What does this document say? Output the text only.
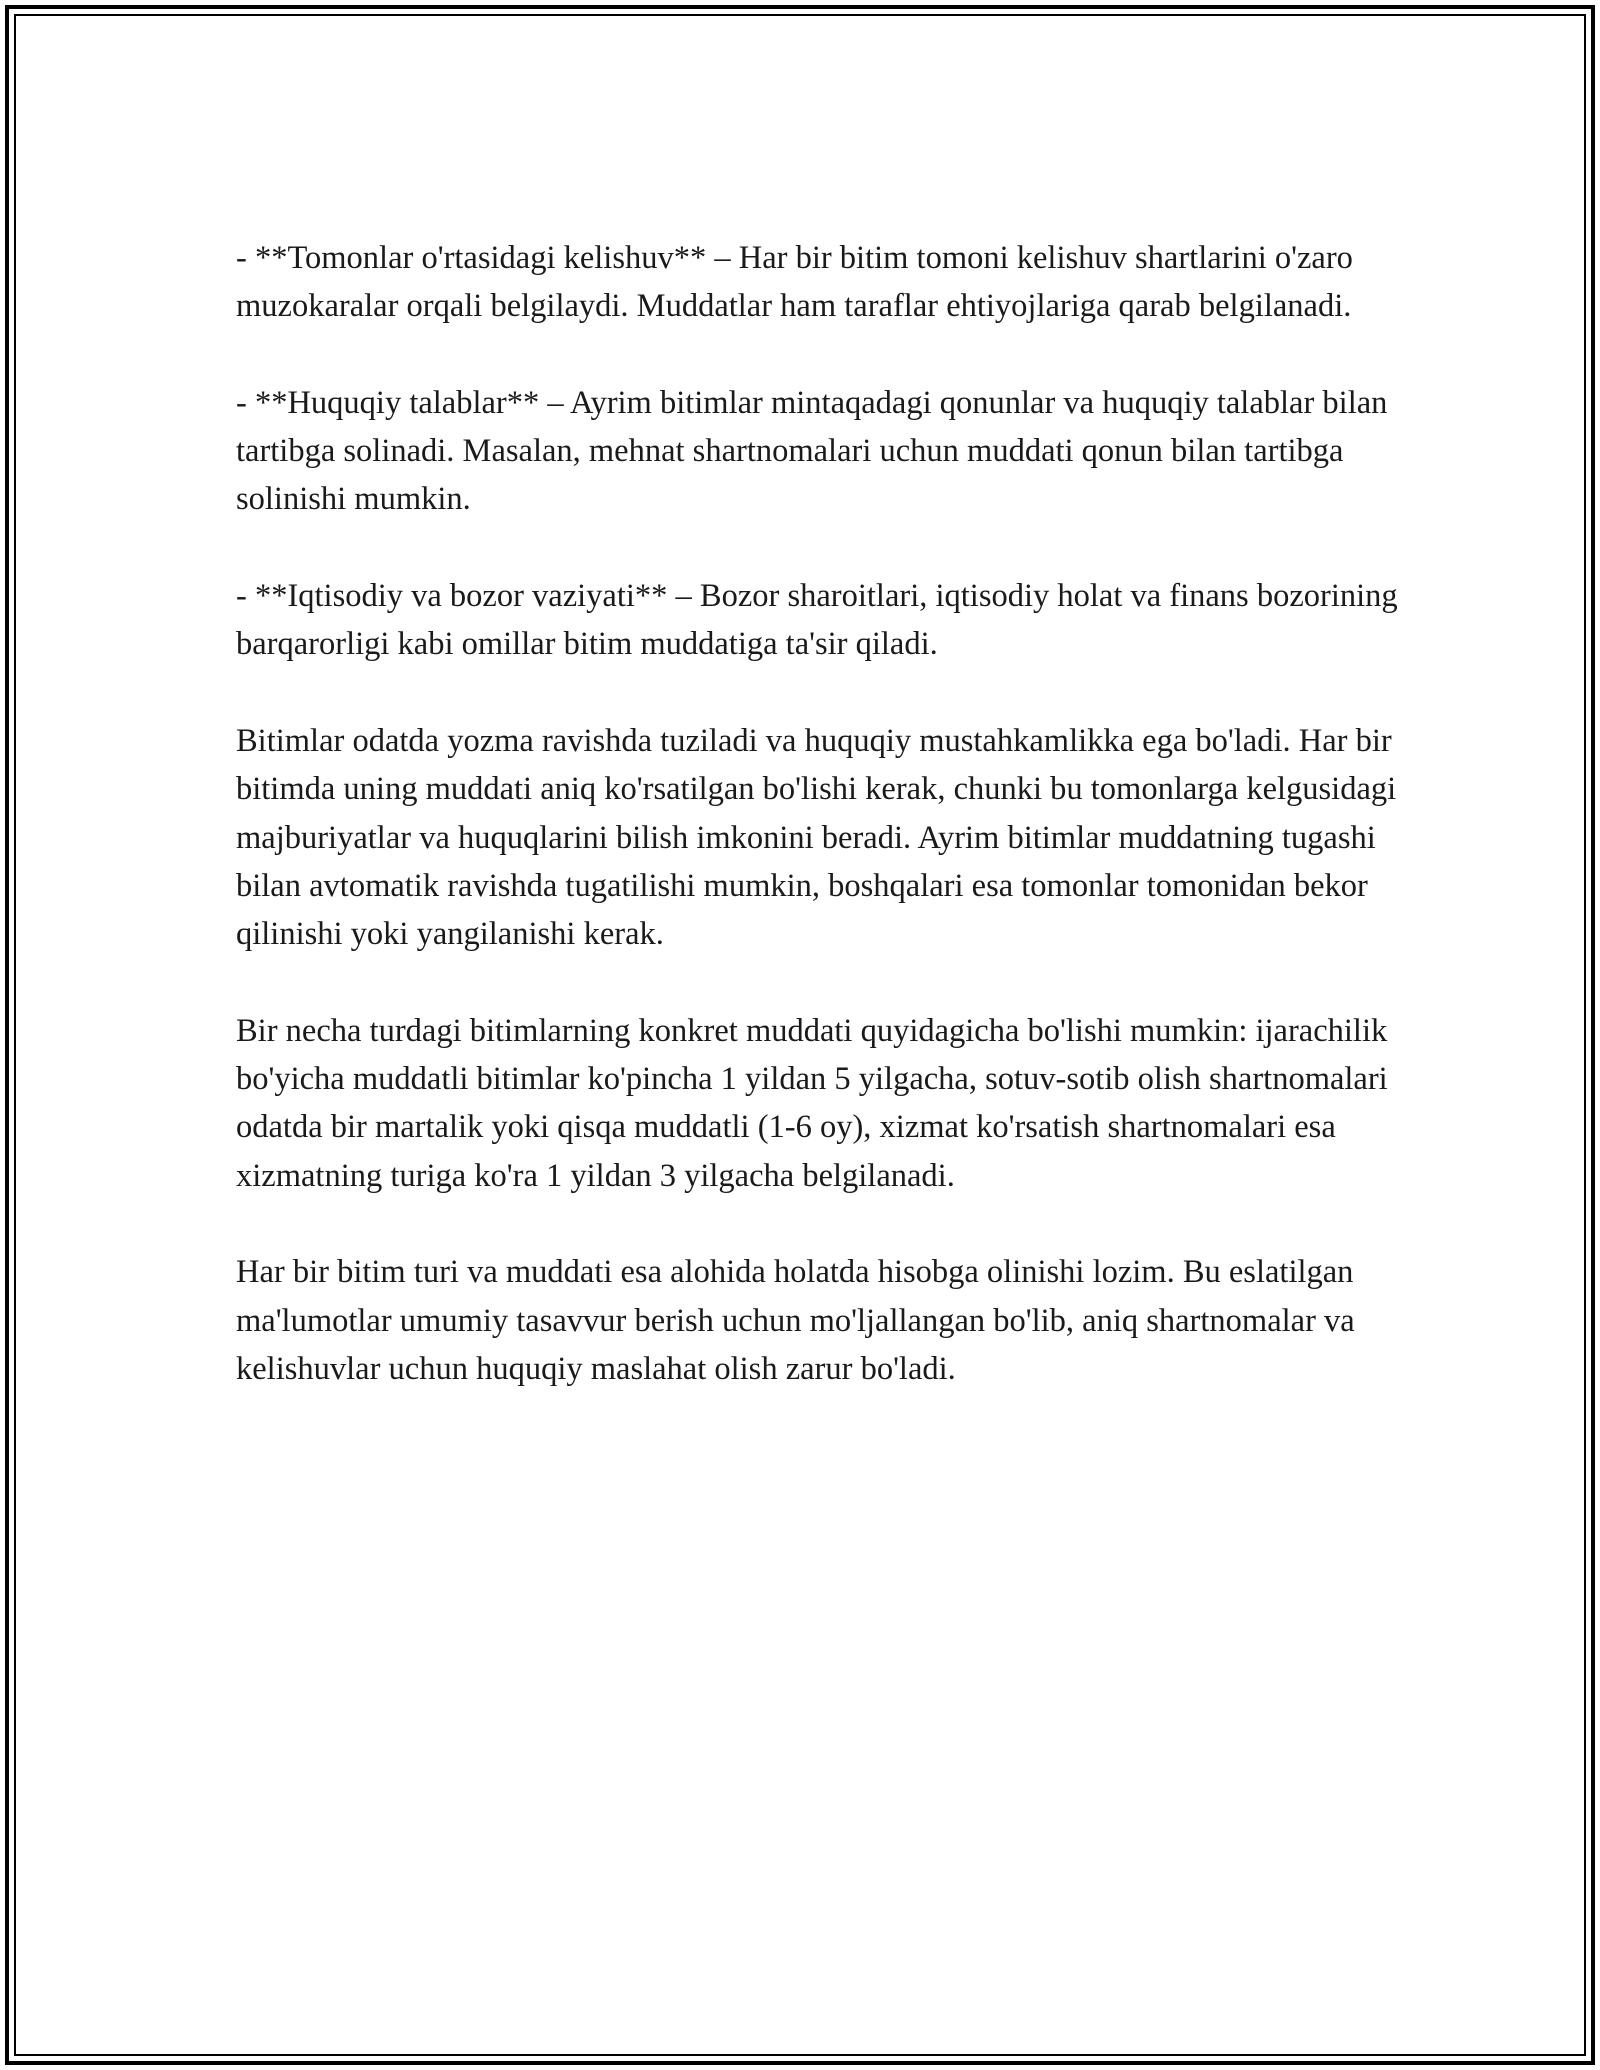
- **Tomonlar o'rtasidagi kelishuv** – Har bir bitim tomoni kelishuv shartlarini o'zaro muzokaralar orqali belgilaydi. Muddatlar ham taraflar ehtiyojlariga qarab belgilanadi.

- **Huquqiy talablar** – Ayrim bitimlar mintaqadagi qonunlar va huquqiy talablar bilan tartibga solinadi. Masalan, mehnat shartnomalari uchun muddati qonun bilan tartibga solinishi mumkin.

- **Iqtisodiy va bozor vaziyati** – Bozor sharoitlari, iqtisodiy holat va finans bozorining barqarorligi kabi omillar bitim muddatiga ta'sir qiladi.

Bitimlar odatda yozma ravishda tuziladi va huquqiy mustahkamlikka ega bo'ladi. Har bir bitimda uning muddati aniq ko'rsatilgan bo'lishi kerak, chunki bu tomonlarga kelgusidagi majburiyatlar va huquqlarini bilish imkonini beradi. Ayrim bitimlar muddatning tugashi bilan avtomatik ravishda tugatilishi mumkin, boshqalari esa tomonlar tomonidan bekor qilinishi yoki yangilanishi kerak.

Bir necha turdagi bitimlarning konkret muddati quyidagicha bo'lishi mumkin: ijarachilik bo'yicha muddatli bitimlar ko'pincha 1 yildan 5 yilgacha, sotuv-sotib olish shartnomalari odatda bir martalik yoki qisqa muddatli (1-6 oy), xizmat ko'rsatish shartnomalari esa xizmatning turiga ko'ra 1 yildan 3 yilgacha belgilanadi.

Har bir bitim turi va muddati esa alohida holatda hisobga olinishi lozim. Bu eslatilgan ma'lumotlar umumiy tasavvur berish uchun mo'ljallangan bo'lib, aniq shartnomalar va kelishuvlar uchun huquqiy maslahat olish zarur bo'ladi.
